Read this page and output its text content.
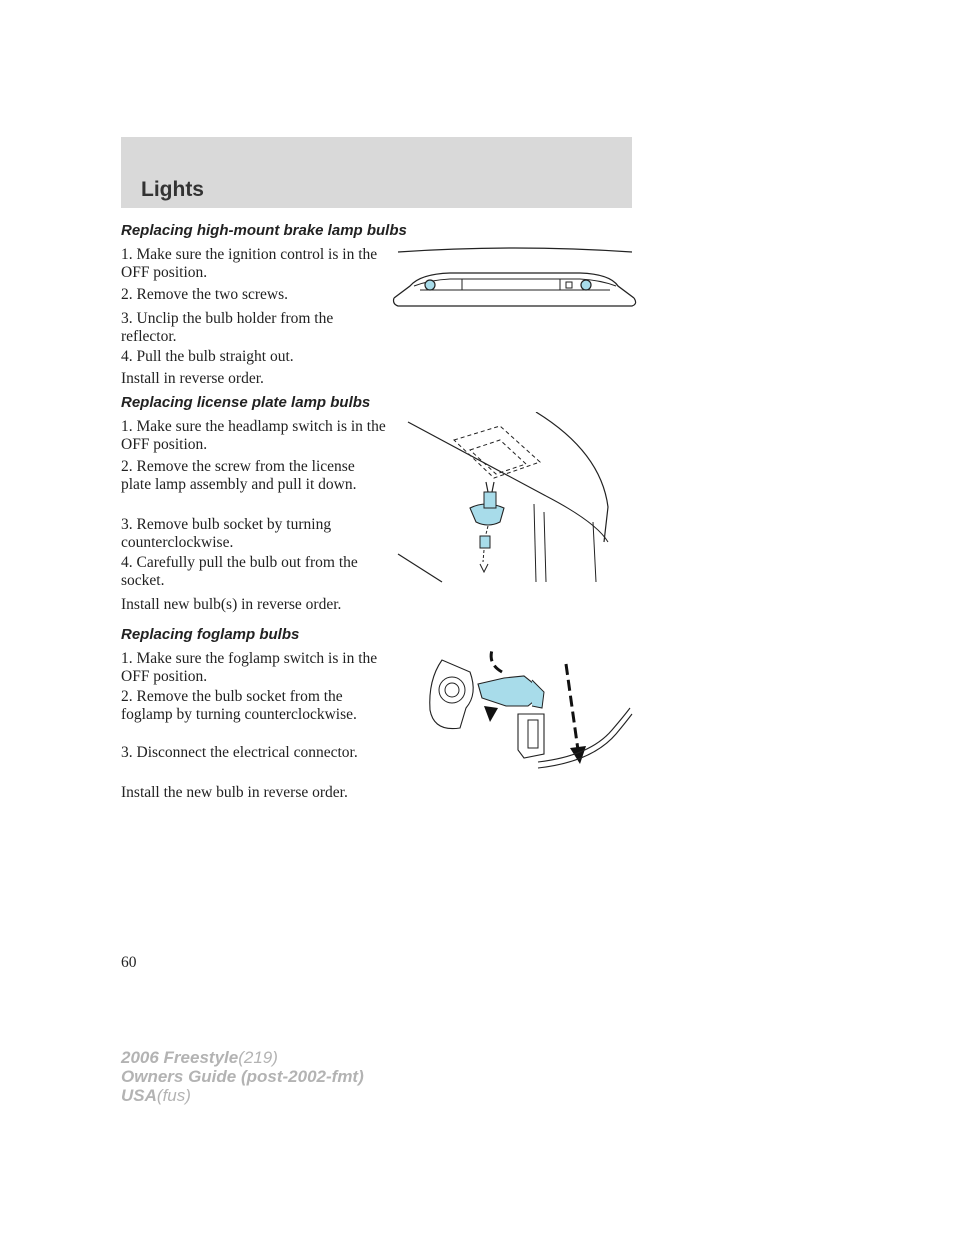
Lights
Replacing high-mount brake lamp bulbs
1. Make sure the ignition control is in the OFF position.
2. Remove the two screws.
3. Unclip the bulb holder from the reflector.
4. Pull the bulb straight out.
Install in reverse order.
Replacing license plate lamp bulbs
1. Make sure the headlamp switch is in the OFF position.
2. Remove the screw from the license plate lamp assembly and pull it down.
3. Remove bulb socket by turning counterclockwise.
4. Carefully pull the bulb out from the socket.
Install new bulb(s) in reverse order.
Replacing foglamp bulbs
1. Make sure the foglamp switch is in the OFF position.
2. Remove the bulb socket from the foglamp by turning counterclockwise.
3. Disconnect the electrical connector.
Install the new bulb in reverse order.
60
2006 Freestyle(219)
Owners Guide (post-2002-fmt)
USA(fus)
